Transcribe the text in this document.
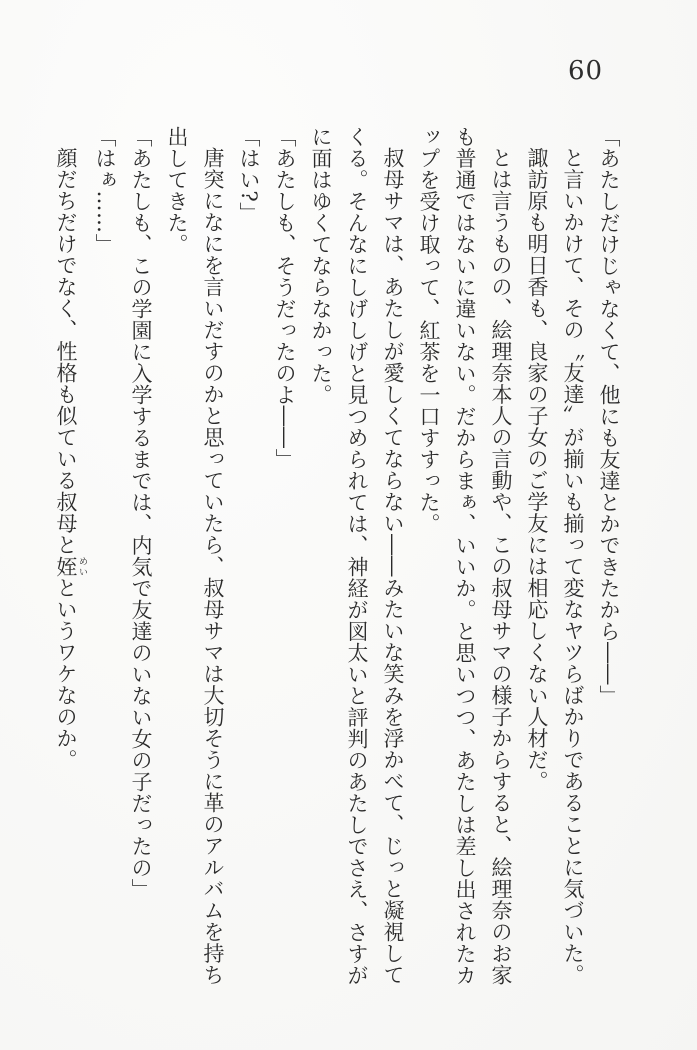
60

「あたしだけじゃなくて、他にも友達とかできたから――」

と言いかけて、その〝友達〟が揃いも揃って変なヤツらばかりであることに気づいた。

諏訪原も明日香も、良家の子女のご学友には相応しくない人材だ。

とは言うものの、絵理奈本人の言動や、この叔母サマの様子からすると、絵理奈のお家も普通ではないに違いない。だからまぁ、いいか。と思いつつ、あたしは差し出されたカップを受け取って、紅茶を一口すすった。

叔母サマは、あたしが愛しくてならない――みたいな笑みを浮かべて、じっと凝視してくる。そんなにしげしげと見つめられては、神経が図太いと評判のあたしでさえ、さすがに面はゆくてならなかった。

「あたしも、そうだったのよ――」

「はい?」

唐突になにを言いだすのかと思っていたら、叔母サマは大切そうに革のアルバムを持ち出してきた。

「あたしも、この学園に入学するまでは、内気で友達のいない女の子だったの」

「はぁ……」

顔だちだけでなく、性格も似ている叔母と姪 めいというワケなのか。
